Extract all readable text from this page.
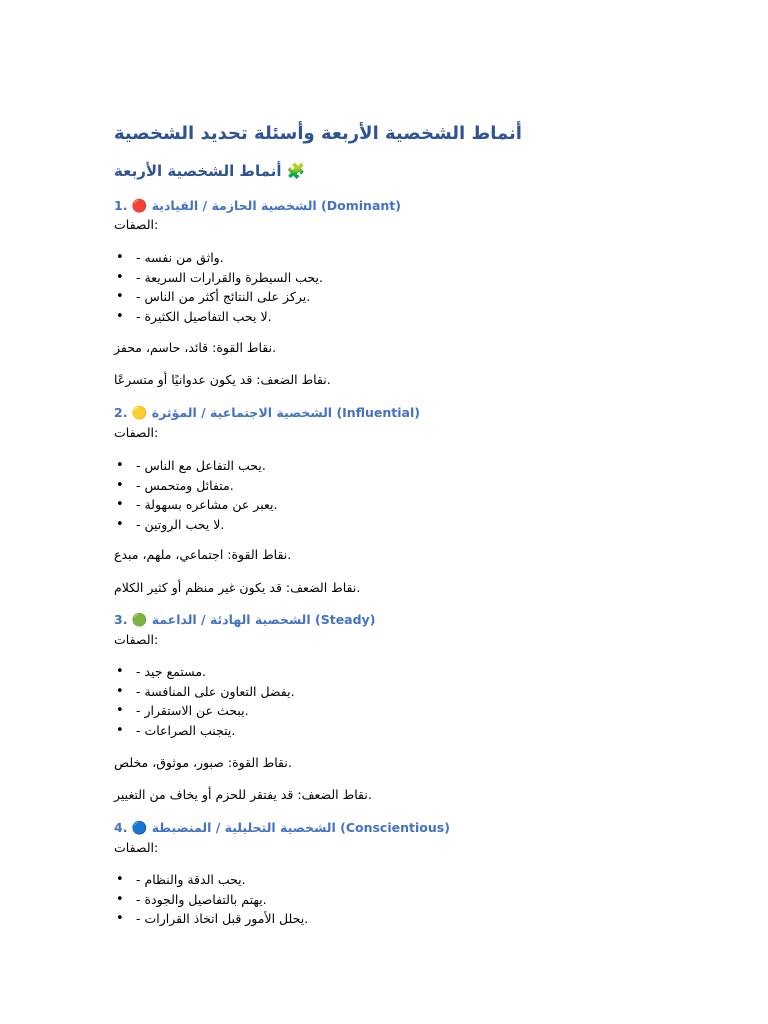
أنماط الشخصية الأربعة وأسئلة تحديد الشخصية
أنماط الشخصية الأربعة 🧩
1. 🔴 الشخصية الحازمة / القيادية (Dominant)
الصفات:
• - واثق من نفسه.
• - يحب السيطرة والقرارات السريعة.
• - يركز على النتائج أكثر من الناس.
• - لا يحب التفاصيل الكثيرة.
نقاط القوة: قائد، حاسم، محفز.
نقاط الضعف: قد يكون عدوانيًا أو متسرعًا.
2. 🟡 الشخصية الاجتماعية / المؤثرة (Influential)
الصفات:
• - يحب التفاعل مع الناس.
• - متفائل ومتحمس.
• - يعبر عن مشاعره بسهولة.
• - لا يحب الروتين.
نقاط القوة: اجتماعي، ملهم، مبدع.
نقاط الضعف: قد يكون غير منظم أو كثير الكلام.
3. 🟢 الشخصية الهادئة / الداعمة (Steady)
الصفات:
• - مستمع جيد.
• - يفضل التعاون على المنافسة.
• - يبحث عن الاستقرار.
• - يتجنب الصراعات.
نقاط القوة: صبور، موثوق، مخلص.
نقاط الضعف: قد يفتقر للحزم أو يخاف من التغيير.
4. 🔵 الشخصية التحليلية / المنضبطة (Conscientious)
الصفات:
• - يحب الدقة والنظام.
• - يهتم بالتفاصيل والجودة.
• - يحلل الأمور قبل اتخاذ القرارات.
